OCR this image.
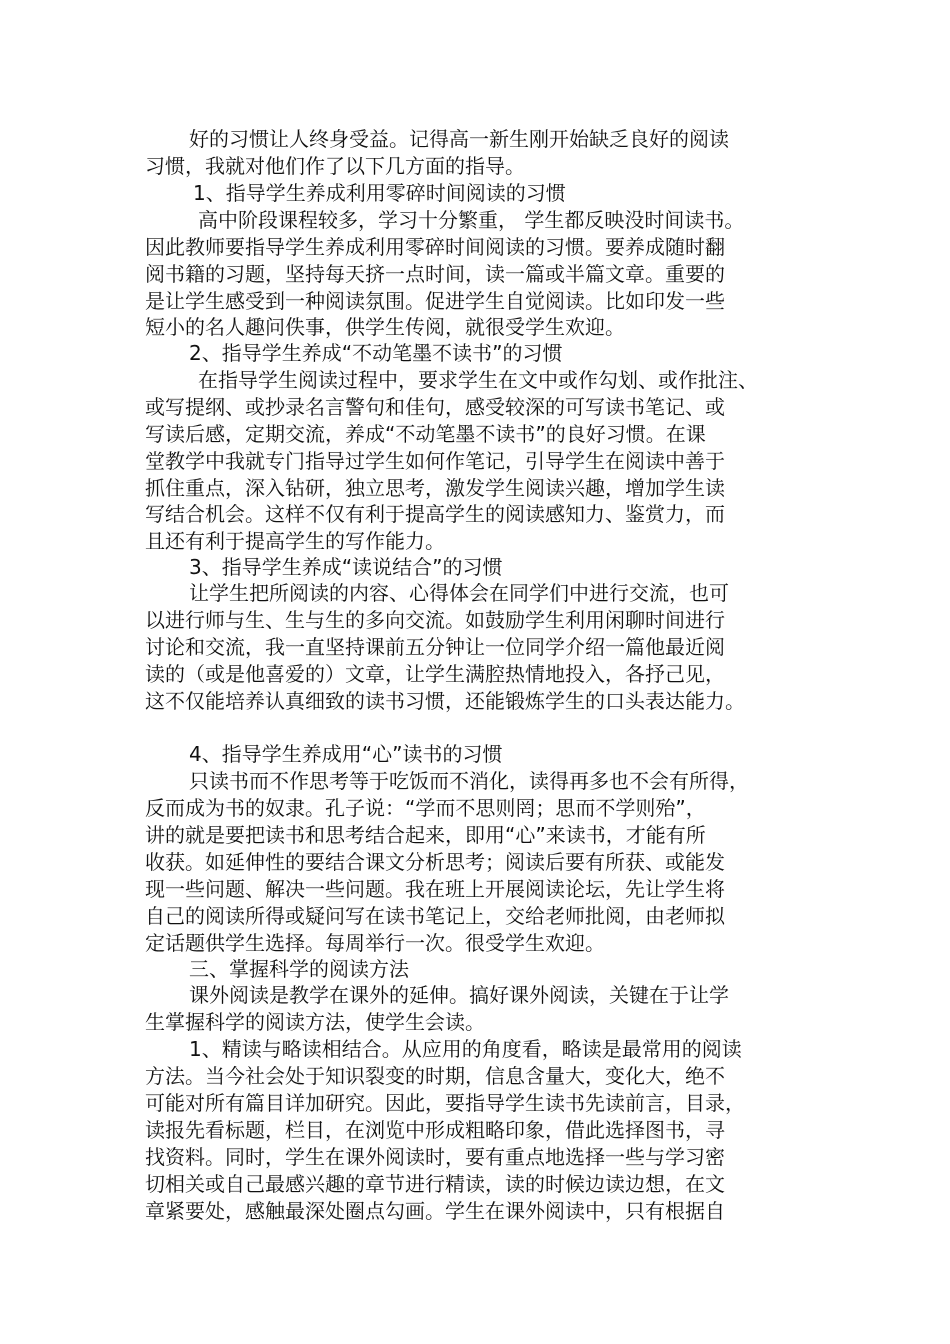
好的习惯让人终身受益。记得高一新生刚开始缺乏良好的阅读
习惯，我就对他们作了以下几方面的指导。
1、指导学生养成利用零碎时间阅读的习惯
高中阶段课程较多，学习十分繁重， 学生都反映没时间读书。
因此教师要指导学生养成利用零碎时间阅读的习惯。要养成随时翻
阅书籍的习题，坚持每天挤一点时间，读一篇或半篇文章。重要的
是让学生感受到一种阅读氛围。促进学生自觉阅读。比如印发一些
短小的名人趣问佚事，供学生传阅，就很受学生欢迎。
2、指导学生养成“不动笔墨不读书”的习惯
在指导学生阅读过程中，要求学生在文中或作勾划、或作批注、
或写提纲、或抄录名言警句和佳句，感受较深的可写读书笔记、或
写读后感，定期交流，养成“不动笔墨不读书”的良好习惯。在课
堂教学中我就专门指导过学生如何作笔记，引导学生在阅读中善于
抓住重点，深入钻研，独立思考，激发学生阅读兴趣，增加学生读
写结合机会。这样不仅有利于提高学生的阅读感知力、鉴赏力，而
且还有利于提高学生的写作能力。
3、指导学生养成“读说结合”的习惯
让学生把所阅读的内容、心得体会在同学们中进行交流，也可
以进行师与生、生与生的多向交流。如鼓励学生利用闲聊时间进行
讨论和交流，我一直坚持课前五分钟让一位同学介绍一篇他最近阅
读的（或是他喜爱的）文章，让学生满腔热情地投入，各抒己见，
这不仅能培养认真细致的读书习惯，还能锻炼学生的口头表达能力。
4、指导学生养成用“心”读书的习惯
只读书而不作思考等于吃饭而不消化，读得再多也不会有所得，
反而成为书的奴隶。孔子说：“学而不思则罔；思而不学则殆”，
讲的就是要把读书和思考结合起来，即用“心”来读书，才能有所
收获。如延伸性的要结合课文分析思考；阅读后要有所获、或能发
现一些问题、解决一些问题。我在班上开展阅读论坛，先让学生将
自己的阅读所得或疑问写在读书笔记上，交给老师批阅，由老师拟
定话题供学生选择。每周举行一次。很受学生欢迎。
三、掌握科学的阅读方法
课外阅读是教学在课外的延伸。搞好课外阅读，关键在于让学
生掌握科学的阅读方法，使学生会读。
1、精读与略读相结合。从应用的角度看，略读是最常用的阅读
方法。当今社会处于知识裂变的时期，信息含量大，变化大，绝不
可能对所有篇目详加研究。因此，要指导学生读书先读前言，目录，
读报先看标题，栏目，在浏览中形成粗略印象，借此选择图书，寻
找资料。同时，学生在课外阅读时，要有重点地选择一些与学习密
切相关或自己最感兴趣的章节进行精读，读的时候边读边想，在文
章紧要处，感触最深处圈点勾画。学生在课外阅读中，只有根据自
